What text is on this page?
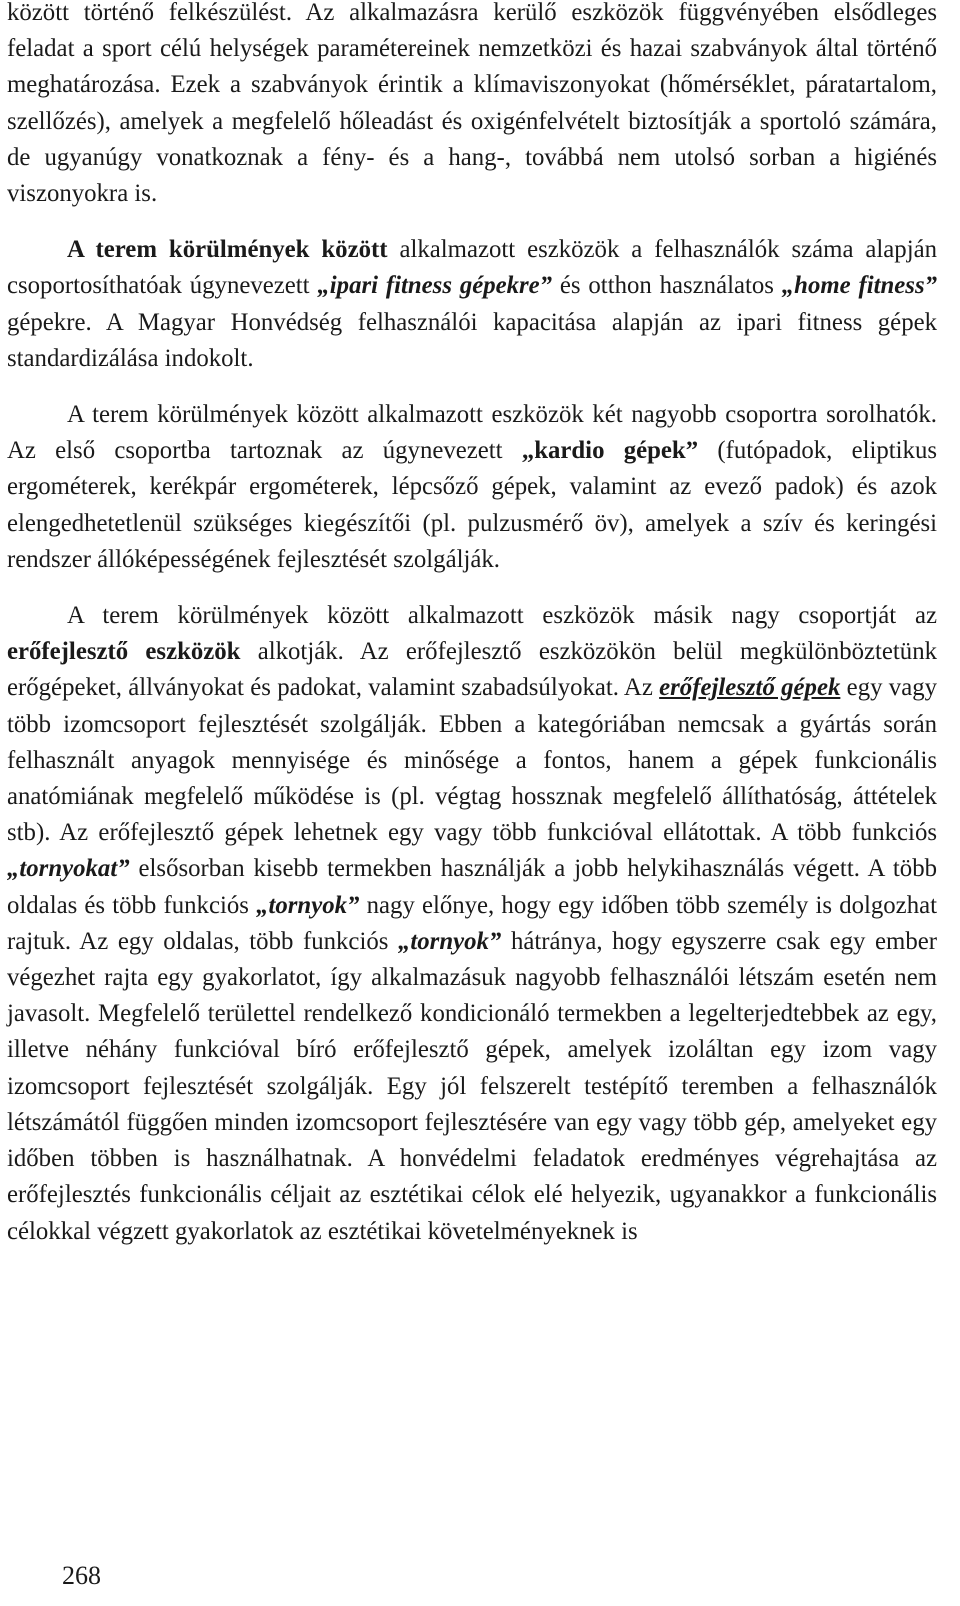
között történő felkészülést. Az alkalmazásra kerülő eszközök függvényében elsődleges feladat a sport célú helységek paramétereinek nemzetközi és hazai szabványok által történő meghatározása. Ezek a szabványok érintik a klímaviszonyokat (hőmérséklet, páratartalom, szellőzés), amelyek a megfelelő hőleadást és oxigénfelvételt biztosítják a sportoló számára, de ugyanúgy vonatkoznak a fény- és a hang-, továbbá nem utolsó sorban a higiénés viszonyokra is.

A terem körülmények között alkalmazott eszközök a felhasználók száma alapján csoportosíthatóak úgynevezett „ipari fitness gépekre” és otthon használatos „home fitness” gépekre. A Magyar Honvédség felhasználói kapacitása alapján az ipari fitness gépek standardizálása indokolt.

A terem körülmények között alkalmazott eszközök két nagyobb csoportra sorolhatók. Az első csoportba tartoznak az úgynevezett „kardio gépek” (futópadok, eliptikus ergométerek, kerékpár ergométerek, lépcsőző gépek, valamint az evező padok) és azok elengedhetetlenül szükséges kiegészítői (pl. pulzusmérő öv), amelyek a szív és keringési rendszer állóképességének fejlesztését szolgálják.

A terem körülmények között alkalmazott eszközök másik nagy csoportját az erőfejlesztő eszközök alkotják. Az erőfejlesztő eszközökön belül megkülönböztetünk erőgépeket, állványokat és padokat, valamint szabadsúlyokat. Az erőfejlesztő gépek egy vagy több izomcsoport fejlesztését szolgálják. Ebben a kategóriában nemcsak a gyártás során felhasznált anyagok mennyisége és minősége a fontos, hanem a gépek funkcionális anatómiának megfelelő működése is (pl. végtag hossznak megfelelő állíthatóság, áttételek stb). Az erőfejlesztő gépek lehetnek egy vagy több funkcióval ellátottak. A több funkciós „tornyokat” elsősorban kisebb termekben használják a jobb helykihasználás végett. A több oldalas és több funkciós „tornyok” nagy előnye, hogy egy időben több személy is dolgozhat rajtuk. Az egy oldalas, több funkciós „tornyok” hátránya, hogy egyszerre csak egy ember végezhet rajta egy gyakorlatot, így alkalmazásuk nagyobb felhasználói létszám esetén nem javasolt. Megfelelő területtel rendelkező kondicionáló termekben a legelterjedtebbek az egy, illetve néhány funkcióval bíró erőfejlesztő gépek, amelyek izoláltan egy izom vagy izomcsoport fejlesztését szolgálják. Egy jól felszerelt testépítő teremben a felhasználók létszámától függően minden izomcsoport fejlesztésére van egy vagy több gép, amelyeket egy időben többen is használhatnak. A honvédelmi feladatok eredményes végrehajtása az erőfejlesztés funkcionális céljait az esztétikai célok elé helyezik, ugyanakkor a funkcionális célokkal végzett gyakorlatok az esztétikai követelményeknek is

268
